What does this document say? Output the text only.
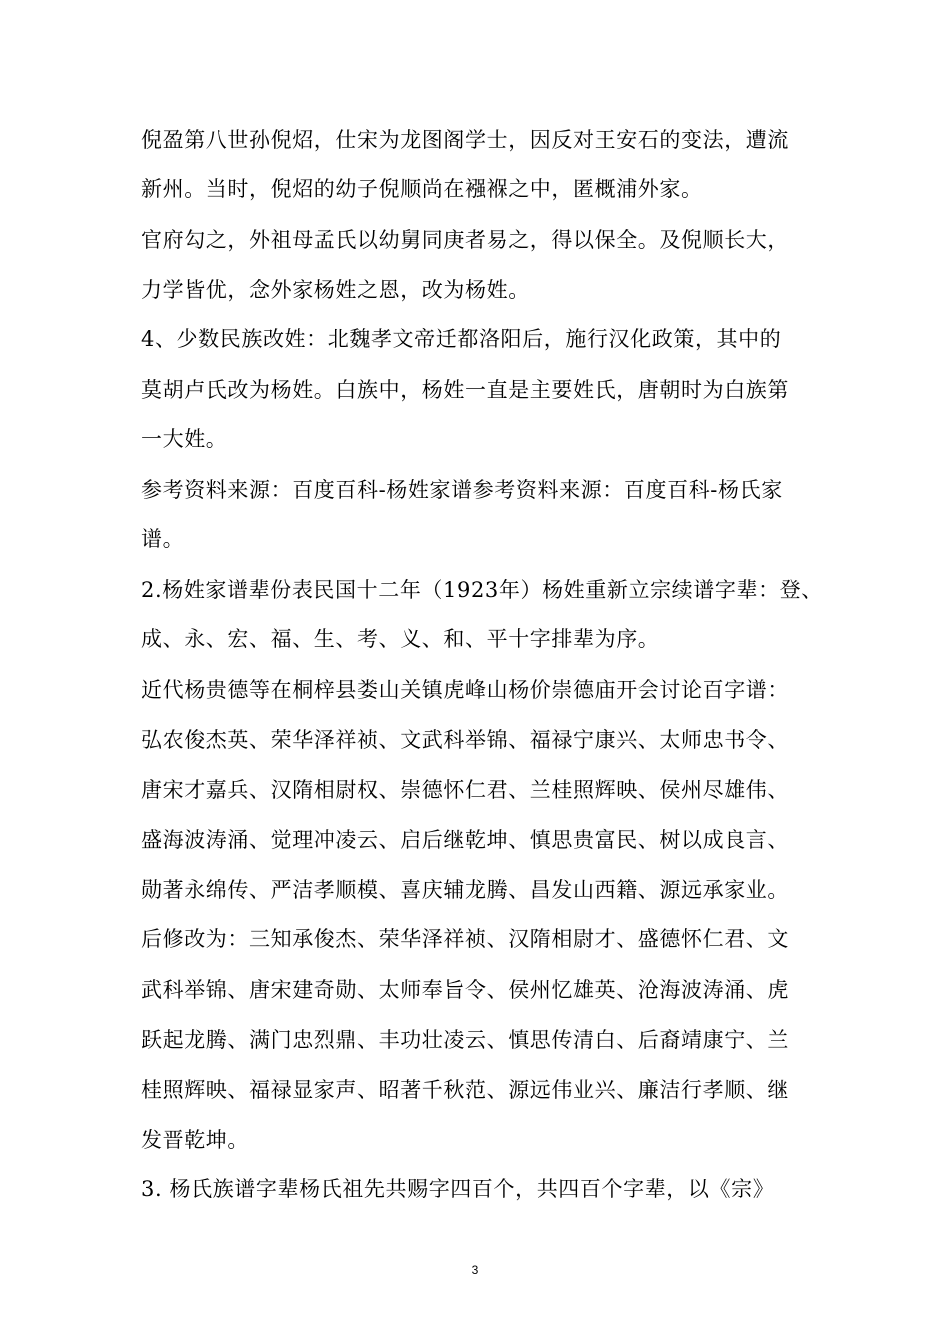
倪盈第八世孙倪炤，仕宋为龙图阁学士，因反对王安石的变法，遭流
新州。当时，倪炤的幼子倪顺尚在襁褓之中，匿概浦外家。
官府勾之，外祖母孟氏以幼舅同庚者易之，得以保全。及倪顺长大，
力学皆优，念外家杨姓之恩，改为杨姓。
4、少数民族改姓：北魏孝文帝迁都洛阳后，施行汉化政策，其中的
莫胡卢氏改为杨姓。白族中，杨姓一直是主要姓氏，唐朝时为白族第
一大姓。
参考资料来源：百度百科-杨姓家谱参考资料来源：百度百科-杨氏家
谱。
2.杨姓家谱辈份表民国十二年（1923年）杨姓重新立宗续谱字辈：登、
成、永、宏、福、生、考、义、和、平十字排辈为序。
近代杨贵德等在桐梓县娄山关镇虎峰山杨价崇德庙开会讨论百字谱：
弘农俊杰英、荣华泽祥祯、文武科举锦、福禄宁康兴、太师忠书令、
唐宋才嘉兵、汉隋相尉权、崇德怀仁君、兰桂照辉映、侯州尽雄伟、
盛海波涛涌、觉理冲凌云、启后继乾坤、慎思贵富民、树以成良言、
勋著永绵传、严洁孝顺模、喜庆辅龙腾、昌发山西籍、源远承家业。
后修改为：三知承俊杰、荣华泽祥祯、汉隋相尉才、盛德怀仁君、文
武科举锦、唐宋建奇勋、太师奉旨令、侯州忆雄英、沧海波涛涌、虎
跃起龙腾、满门忠烈鼎、丰功壮凌云、慎思传清白、后裔靖康宁、兰
桂照辉映、福禄显家声、昭著千秋范、源远伟业兴、廉洁行孝顺、继
发晋乾坤。
3. 杨氏族谱字辈杨氏祖先共赐字四百个，共四百个字辈，以《宗》
3
